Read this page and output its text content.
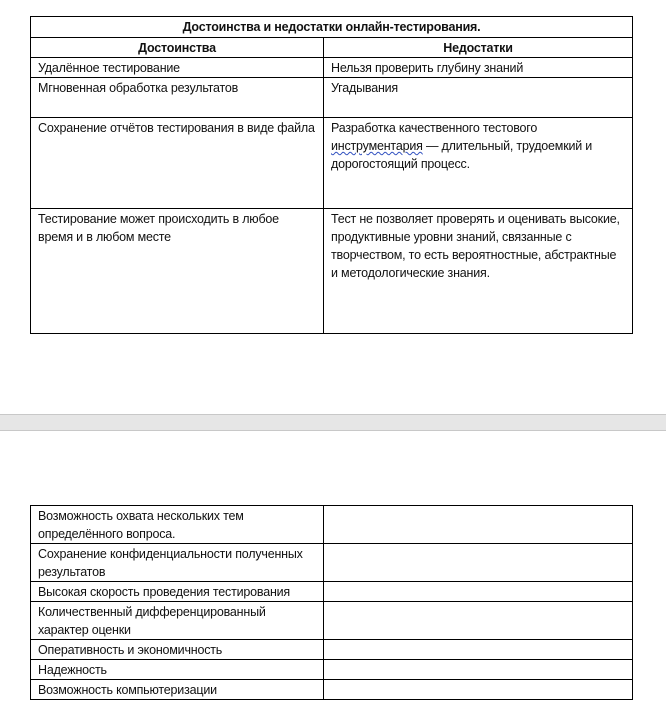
Достоинства и недостатки онлайн-тестирования.	
Достоинства	Недостатки
Удалённое тестирование	Нельзя проверить глубину знаний
Мгновенная обработка результатов	Угадывания
Сохранение отчётов тестирования в виде файла	Разработка качественного тестового инструментария — длительный, трудоемкий и дорогостоящий процесс.
Тестирование может происходить в любое время и в любом месте	Тест не позволяет проверять и оценивать высокие, продуктивные уровни знаний, связанные с творчеством, то есть вероятностные, абстрактные и методологические знания.
Возможность охвата нескольких тем определённого вопроса.	
Сохранение конфиденциальности полученных результатов	
Высокая скорость проведения тестирования	
Количественный дифференцированный характер оценки	
Оперативность и экономичность	
Надежность	
Возможность компьютеризации	
